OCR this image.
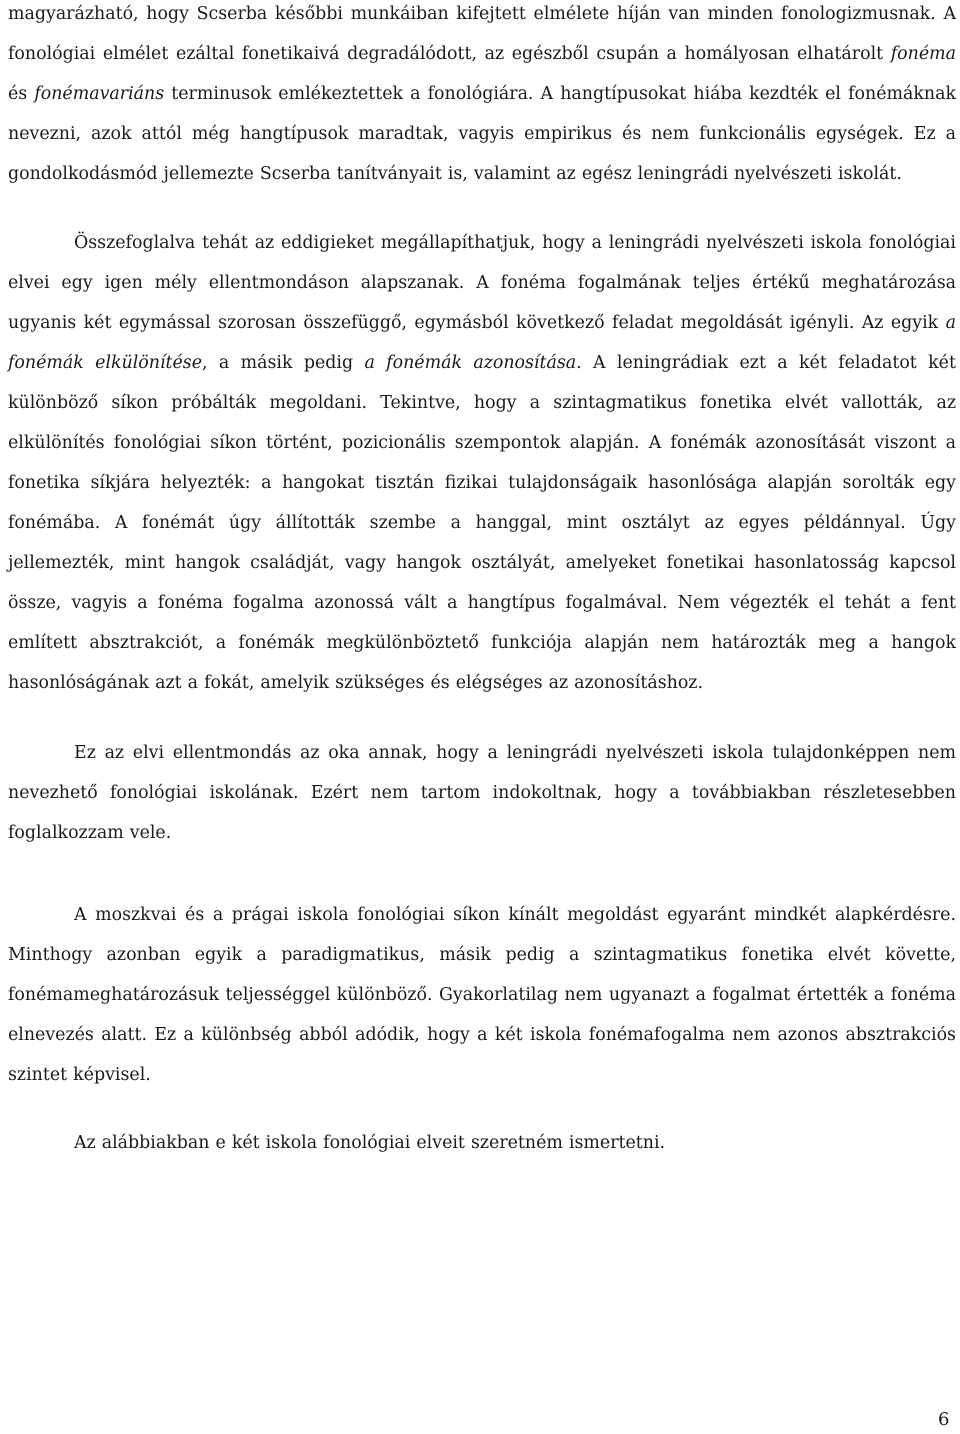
magyarázható, hogy Scserba későbbi munkáiban kifejtett elmélete híján van minden fonologizmusnak. A fonológiai elmélet ezáltal fonetikaivá degradálódott, az egészből csupán a homályosan elhatárolt fonéma és fonémavariáns terminusok emlékeztettek a fonológiára. A hangtípusokat hiába kezdték el fonémáknak nevezni, azok attól még hangtípusok maradtak, vagyis empirikus és nem funkcionális egységek. Ez a gondolkodásmód jellemezte Scserba tanítványait is, valamint az egész leningrádi nyelvészeti iskolát.

Összefoglalva tehát az eddigieket megállapíthatjuk, hogy a leningrádi nyelvészeti iskola fonológiai elvei egy igen mély ellentmondáson alapszanak. A fonéma fogalmának teljes értékű meghatározása ugyanis két egymással szorosan összefüggő, egymásból következő feladat megoldását igényli. Az egyik a fonémák elkülönítése, a másik pedig a fonémák azonosítása. A leningrádiak ezt a két feladatot két különböző síkon próbálták megoldani. Tekintve, hogy a szintagmatikus fonetika elvét vallották, az elkülönítés fonológiai síkon történt, pozicionális szempontok alapján. A fonémák azonosítását viszont a fonetika síkjára helyezték: a hangokat tisztán fizikai tulajdonságaik hasonlósága alapján sorolták egy fonémába. A fonémát úgy állították szembe a hanggal, mint osztályt az egyes példánnyal. Úgy jellemezték, mint hangok családját, vagy hangok osztályát, amelyeket fonetikai hasonlatosság kapcsol össze, vagyis a fonéma fogalma azonossá vált a hangtípus fogalmával. Nem végezték el tehát a fent említett absztrakciót, a fonémák megkülönböztető funkciója alapján nem határozták meg a hangok hasonlóságának azt a fokát, amelyik szükséges és elégséges az azonosításhoz.

Ez az elvi ellentmondás az oka annak, hogy a leningrádi nyelvészeti iskola tulajdonképpen nem nevezhető fonológiai iskolának. Ezért nem tartom indokoltnak, hogy a továbbiakban részletesebben foglalkozzam vele.

A moszkvai és a prágai iskola fonológiai síkon kínált megoldást egyaránt mindkét alapkérdésre. Minthogy azonban egyik a paradigmatikus, másik pedig a szintagmatikus fonetika elvét követte, fonémameghatározásuk teljességgel különböző. Gyakorlatilag nem ugyanazt a fogalmat értették a fonéma elnevezés alatt. Ez a különbség abból adódik, hogy a két iskola fonémafogalma nem azonos absztrakciós szintet képvisel.

Az alábbiakban e két iskola fonológiai elveit szeretném ismertetni.

6
